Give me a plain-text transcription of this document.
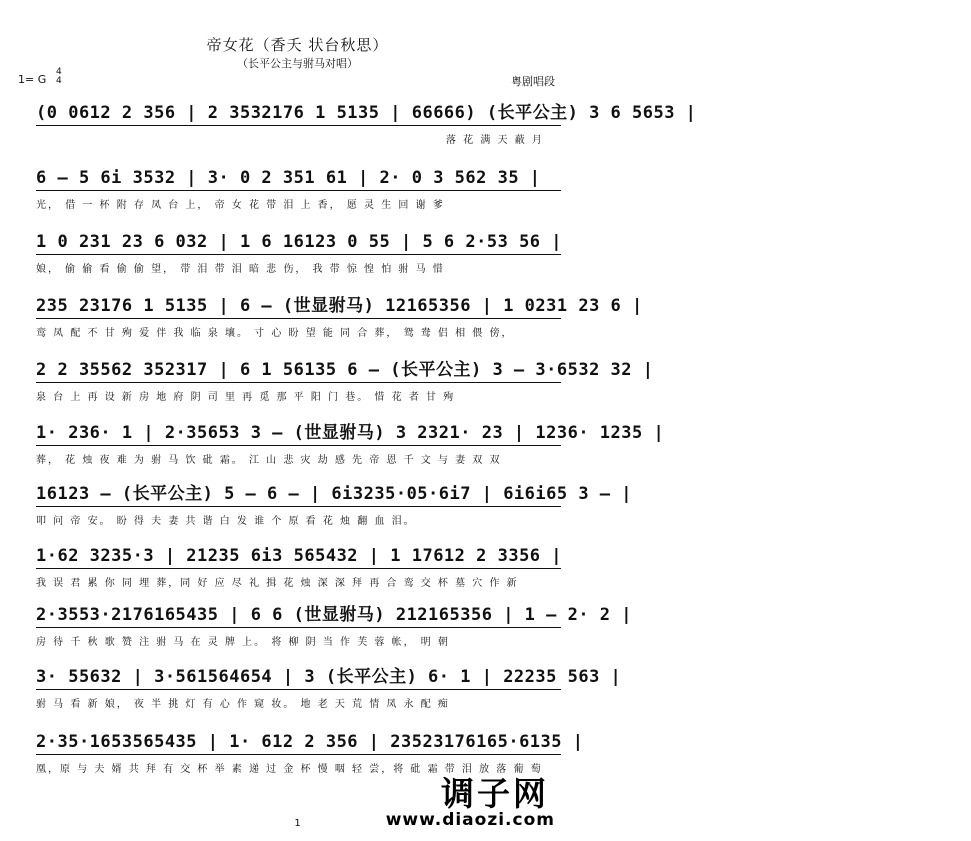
帝女花（香夭 状台秋思）
（长平公主与驸马对唱）
1= G
4
4	粤剧唱段
(0 0612 2 356 | 2 3532176 1 5135 | 66666) (长平公主) 3 6 5653 |
落 花 满 天 蔽 月
6 — 5 6i 3532 | 3· 0 2 351 61 | 2· 0 3 562 35 |
光， 借 一 杯 附 存 凤 台 上， 帝 女 花 带 泪 上 香， 愿 灵 生 回 谢 爹
1 0 231 23 6 032 | 1 6 16123 0 55 | 5 6 2·53 56 |
娘， 偷 偷 看 偷 偷 望， 带 泪 带 泪 暗 悲 伤， 我 带 惊 惶 怕 驸 马 惜
235 23176 1 5135 | 6 — (世显驸马) 12165356 | 1 0231 23 6 |
鸾 凤 配 不 甘 殉 爱 伴 我 临 泉 壤。 寸 心 盼 望 能 同 合 葬， 鸳 鸯 侣 相 偎 傍，
2 2 35562 352317 | 6 1 56135 6 — (长平公主) 3 — 3·6532 32 |
泉 台 上 再 设 新 房 地 府 阴 司 里 再 觅 那 平 阳 门 巷。 惜 花 者 甘 殉
1· 236· 1 | 2·35653 3 — (世显驸马) 3 2321· 23 | 1236· 1235 |
葬， 花 烛 夜 难 为 驸 马 饮 砒 霜。 江 山 悲 灾 劫 感 先 帝 恩 千 文 与 妻 双 双
16123 — (长平公主) 5 — 6 — | 6i3235·05·6i7 | 6i6i65 3 — |
叩 问 帝 安。 盼 得 夫 妻 共 谐 白 发 谁 个 原 看 花 烛 翻 血 泪。
1·62 3235·3 | 21235 6i3 565432 | 1 17612 2 3356 |
我 误 君 累 你 同 埋 葬，同 好 应 尽 礼 揖 花 烛 深 深 拜 再 合 鸾 交 杯 墓 穴 作 新
2·3553·2176165435 | 6 6 (世显驸马) 212165356 | 1 — 2· 2 |
房 待 千 秋 歌 赞 注 驸 马 在 灵 牌 上。 将 柳 阴 当 作 芙 蓉 帐， 明 朝
3· 55632 | 3·561564654 | 3 (长平公主) 6· 1 | 22235 563 |
驸 马 看 新 娘， 夜 半 挑 灯 有 心 作 窥 妆。 地 老 天 荒 情 凤 永 配 痴
2·35·1653565435 | 1· 612 2 356 | 23523176165·6135 |
凰，原 与 夫 婿 共 拜 有 交 杯 举 素 递 过 金 杯 慢 咽 轻 尝，将 砒 霜 带 泪 放 落 葡 萄
调子网
www.diaozi.com
1
